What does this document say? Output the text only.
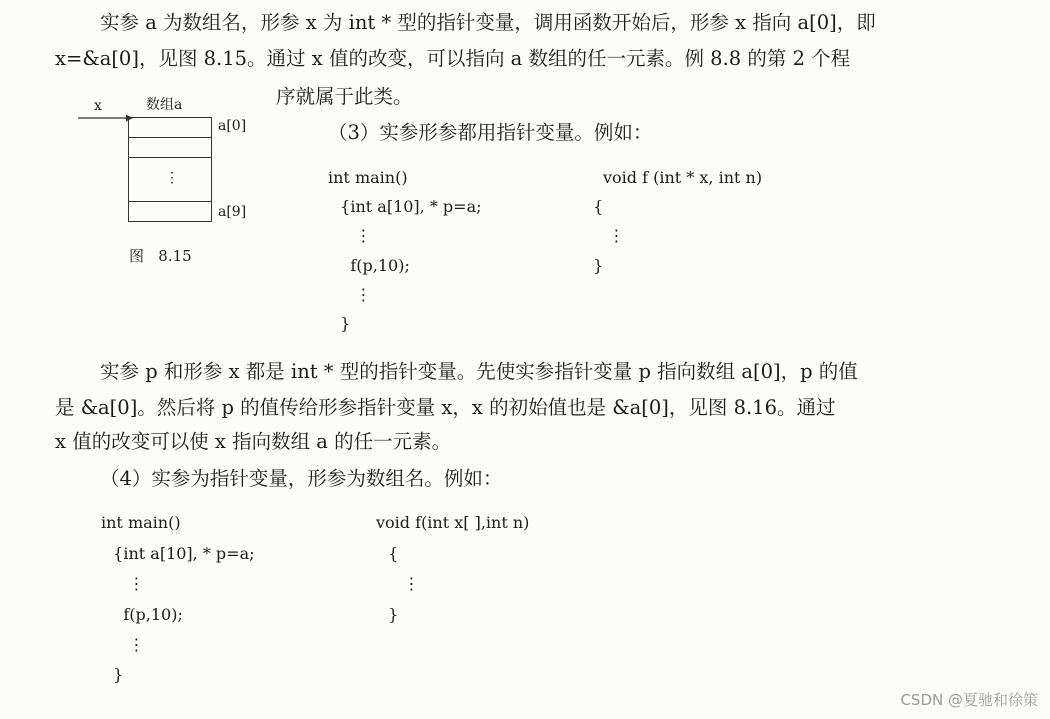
实参 a 为数组名，形参 x 为 int * 型的指针变量，调用函数开始后，形参 x 指向 a[0]，即
x=&a[0]，见图 8.15。通过 x 值的改变，可以指向 a 数组的任一元素。例 8.8 的第 2 个程
序就属于此类。
x	数组a
⋮
a[0]
a[9]
图   8.15
（3）实参形参都用指针变量。例如：
int main()
{int a[10], * p=a;
⋮
f(p,10);
⋮
}
void f (int * x, int n)
{
⋮
}
实参 p 和形参 x 都是 int * 型的指针变量。先使实参指针变量 p 指向数组 a[0]，p 的值
是 &a[0]。然后将 p 的值传给形参指针变量 x，x 的初始值也是 &a[0]，见图 8.16。通过
x 值的改变可以使 x 指向数组 a 的任一元素。
（4）实参为指针变量，形参为数组名。例如：
int main()
{int a[10], * p=a;
⋮
f(p,10);
⋮
}
void f(int x[ ],int n)
{
⋮
}
CSDN @夏驰和徐策
